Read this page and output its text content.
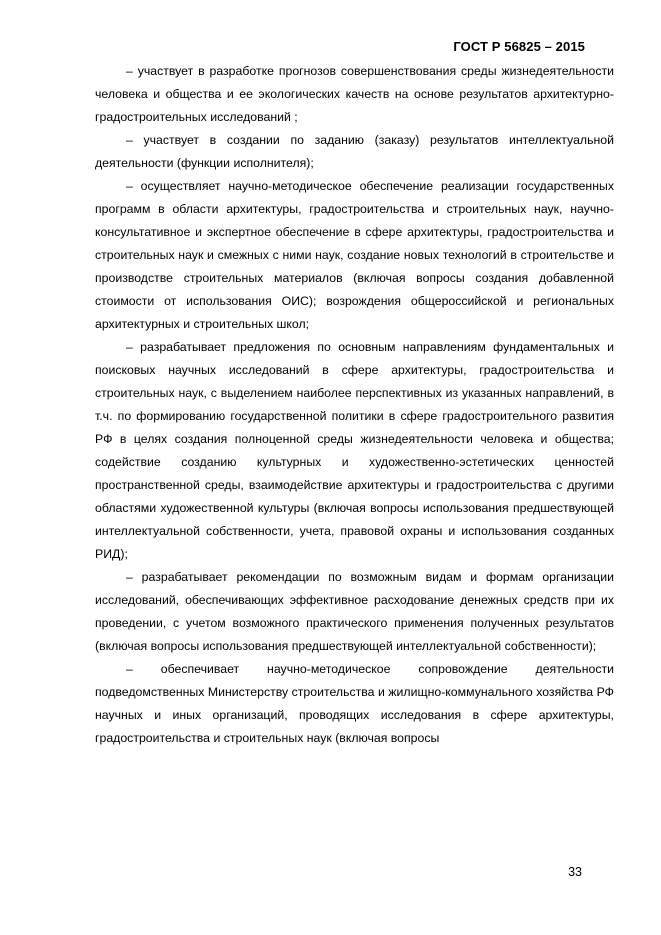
ГОСТ Р 56825 – 2015

– участвует в разработке прогнозов совершенствования среды жизнедеятельности человека и общества и ее экологических качеств на основе результатов архитектурно-градостроительных исследований ;

– участвует в создании по заданию (заказу) результатов интеллектуальной деятельности (функции исполнителя);

– осуществляет научно-методическое обеспечение реализации государственных программ в области архитектуры, градостроительства и строительных наук, научно-консультативное и экспертное обеспечение в сфере архитектуры, градостроительства и строительных наук и смежных с ними наук, создание новых технологий в строительстве и производстве строительных материалов (включая вопросы создания добавленной стоимости от использования ОИС); возрождения общероссийской и региональных архитектурных и строительных школ;

– разрабатывает предложения по основным направлениям фундаментальных и поисковых научных исследований в сфере архитектуры, градостроительства и строительных наук, с выделением наиболее перспективных из указанных направлений, в т.ч. по формированию государственной политики в сфере градостроительного развития РФ в целях создания полноценной среды жизнедеятельности человека и общества; содействие созданию культурных и художественно-эстетических ценностей пространственной среды, взаимодействие архитектуры и градостроительства с другими областями художественной культуры (включая вопросы использования предшествующей интеллектуальной собственности, учета, правовой охраны и использования созданных РИД);

– разрабатывает рекомендации по возможным видам и формам организации исследований, обеспечивающих эффективное расходование денежных средств при их проведении, с учетом возможного практического применения полученных результатов (включая вопросы использования предшествующей интеллектуальной собственности);

– обеспечивает научно-методическое сопровождение деятельности подведомственных Министерству строительства и жилищно-коммунального хозяйства РФ научных и иных организаций, проводящих исследования в сфере архитектуры, градостроительства и строительных наук (включая вопросы

33
